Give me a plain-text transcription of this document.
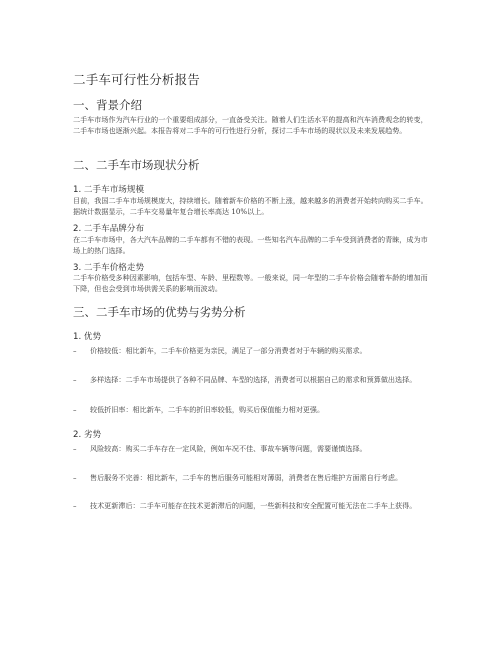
二手车可行性分析报告
一、背景介绍
二手车市场作为汽车行业的一个重要组成部分，一直备受关注。随着人们生活水平的提高和汽车消费观念的转变，二手车市场也逐渐兴起。本报告将对二手车的可行性进行分析，探讨二手车市场的现状以及未来发展趋势。
二、二手车市场现状分析
1. 二手车市场规模
目前，我国二手车市场规模庞大，持续增长。随着新车价格的不断上涨，越来越多的消费者开始转向购买二手车。据统计数据显示，二手车交易量年复合增长率高达 10%以上。
2. 二手车品牌分布
在二手车市场中，各大汽车品牌的二手车都有不错的表现。一些知名汽车品牌的二手车受到消费者的青睐，成为市场上的热门选择。
3. 二手车价格走势
二手车价格受多种因素影响，包括车型、车龄、里程数等。一般来说，同一年型的二手车价格会随着车龄的增加而下降，但也会受到市场供需关系的影响而波动。
三、二手车市场的优势与劣势分析
1. 优势
– 价格较低：相比新车，二手车价格更为亲民，满足了一部分消费者对于车辆的购买需求。
– 多样选择：二手车市场提供了各种不同品牌、车型的选择，消费者可以根据自己的需求和预算做出选择。
– 较低折旧率：相比新车，二手车的折旧率较低，购买后保值能力相对更强。
2. 劣势
– 风险较高：购买二手车存在一定风险，例如车况不佳、事故车辆等问题，需要谨慎选择。
– 售后服务不完善：相比新车，二手车的售后服务可能相对薄弱，消费者在售后维护方面需自行考虑。
– 技术更新滞后：二手车可能存在技术更新滞后的问题，一些新科技和安全配置可能无法在二手车上获得。
